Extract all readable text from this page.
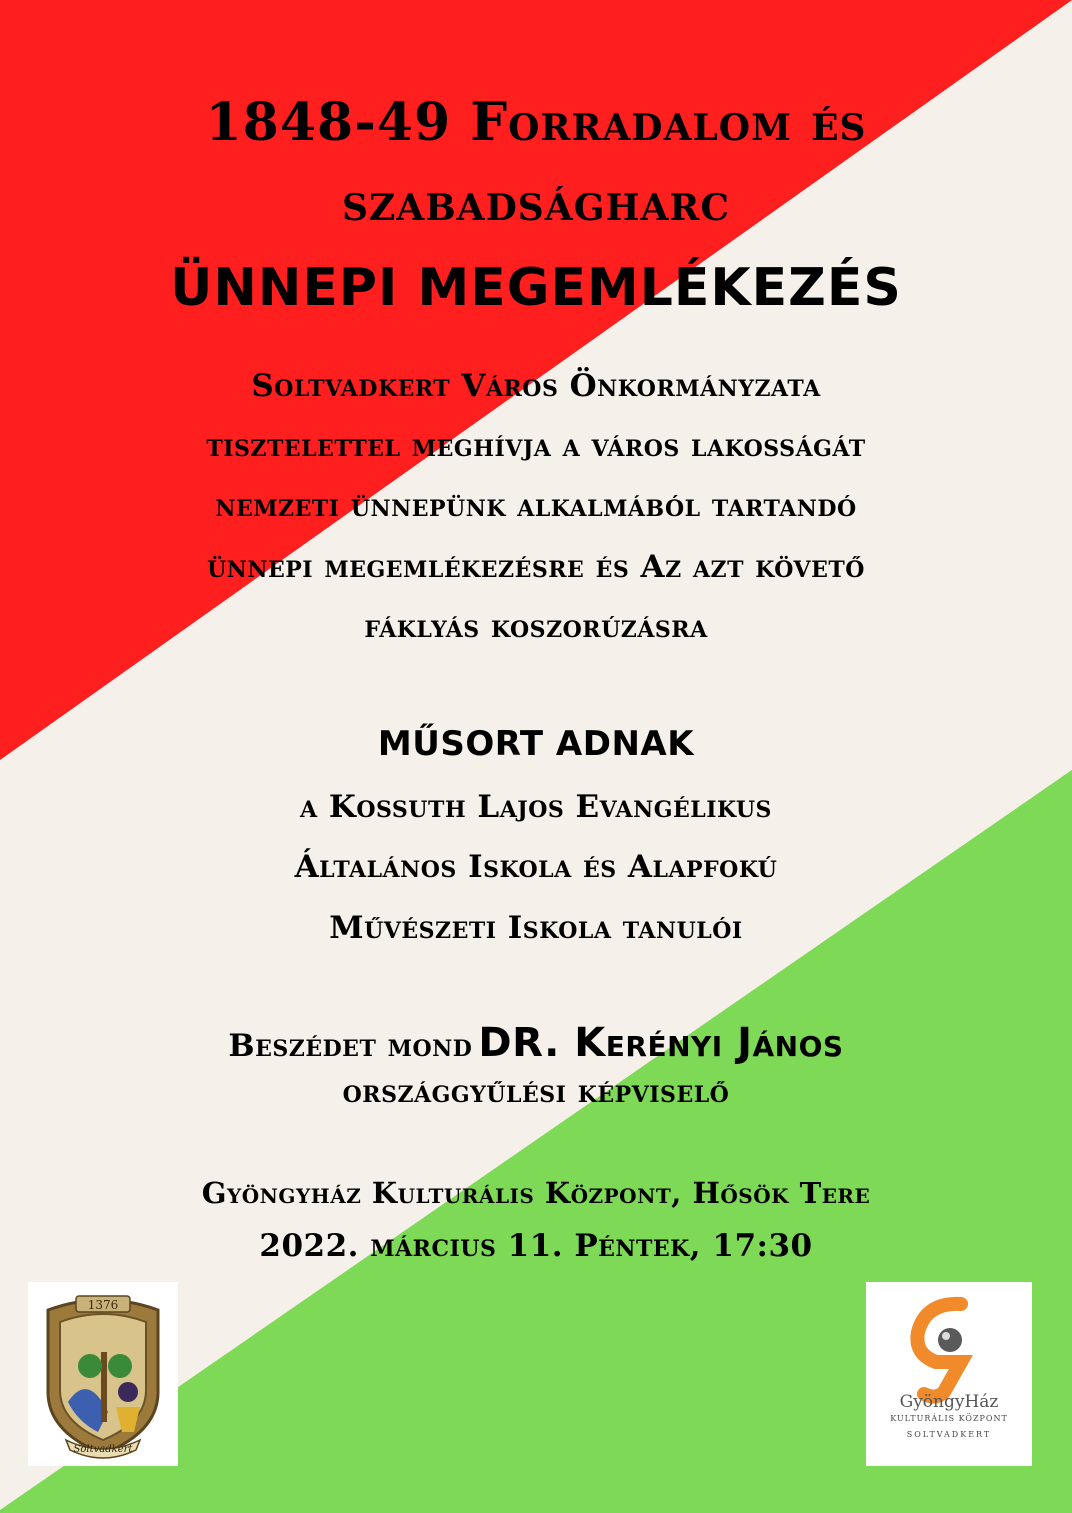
1848-49 Forradalom és
szabadságharc
ÜNNEPI MEGEMLÉKEZÉS
Soltvadkert Város Önkormányzata
tisztelettel meghívja a város lakosságát
nemzeti ünnepünk alkalmából tartandó
ünnepi megemlékezésre és Az azt követő
fáklyás koszorúzásra
MŰSORT ADNAK
a Kossuth Lajos Evangélikus
Általános Iskola és Alapfokú
Művészeti Iskola tanulói
Beszédet mond DR. Kerényi János
országgyűlési képviselő
Gyöngyház Kulturális Központ, Hősök Tere
2022. március 11. Péntek, 17:30
1376
Soltvadkert
GyöngyHáz
KULTURÁLIS KÖZPONT
SOLTVADKERT
